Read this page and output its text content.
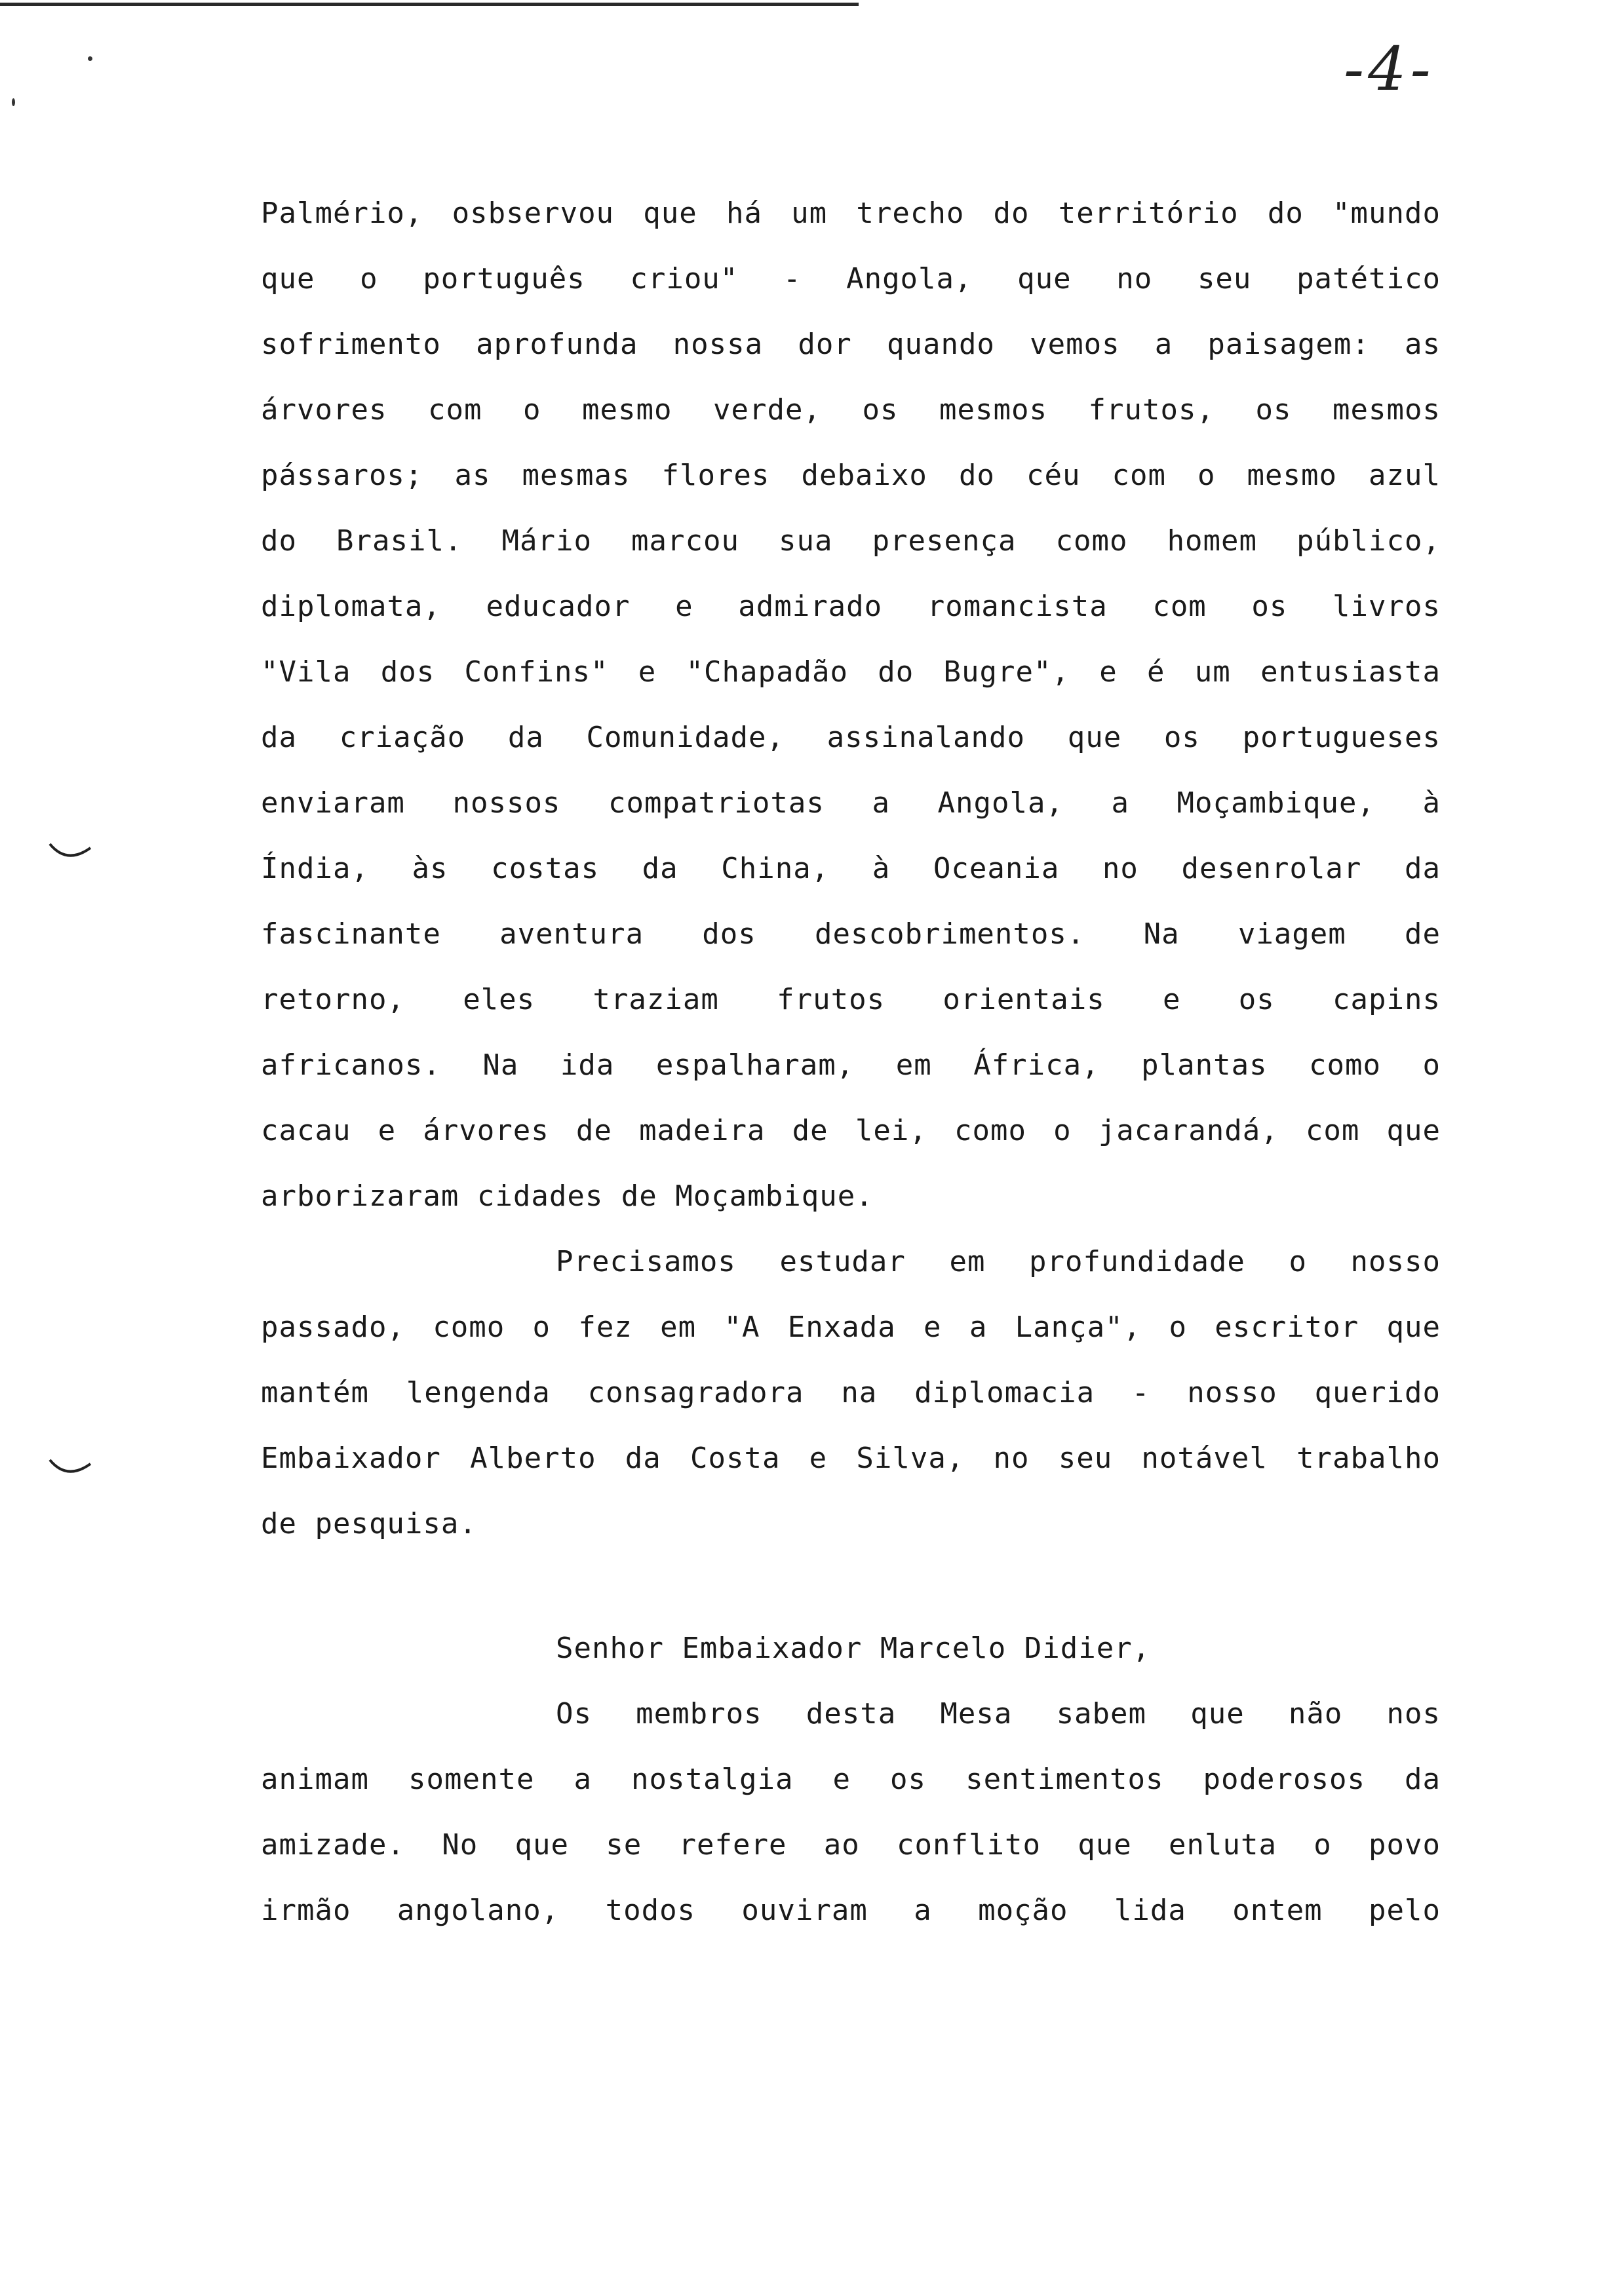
-4-
Palmério, osbservou que há um trecho do território do "mundo
que o português criou" - Angola, que no seu patético
sofrimento aprofunda nossa dor quando vemos a paisagem: as
árvores com o mesmo verde, os mesmos frutos, os mesmos
pássaros; as mesmas flores debaixo do céu com o mesmo azul
do Brasil. Mário marcou sua presença como homem público,
diplomata, educador e admirado romancista com os livros
"Vila dos Confins" e "Chapadão do Bugre", e é um entusiasta
da criação da Comunidade, assinalando que os portugueses
enviaram nossos compatriotas a Angola, a Moçambique, à
Índia, às costas da China, à Oceania no desenrolar da
fascinante aventura dos descobrimentos. Na viagem de
retorno, eles traziam frutos orientais e os capins
africanos. Na ida espalharam, em África, plantas como o
cacau e árvores de madeira de lei, como o jacarandá, com que
arborizaram cidades de Moçambique.
Precisamos estudar em profundidade o nosso
passado, como o fez em "A Enxada e a Lança", o escritor que
mantém lengenda consagradora na diplomacia - nosso querido
Embaixador Alberto da Costa e Silva, no seu notável trabalho
de pesquisa.
Senhor Embaixador Marcelo Didier,
Os membros desta Mesa sabem que não nos
animam somente a nostalgia e os sentimentos poderosos da
amizade. No que se refere ao conflito que enluta o povo
irmão angolano, todos ouviram a moção lida ontem pelo
